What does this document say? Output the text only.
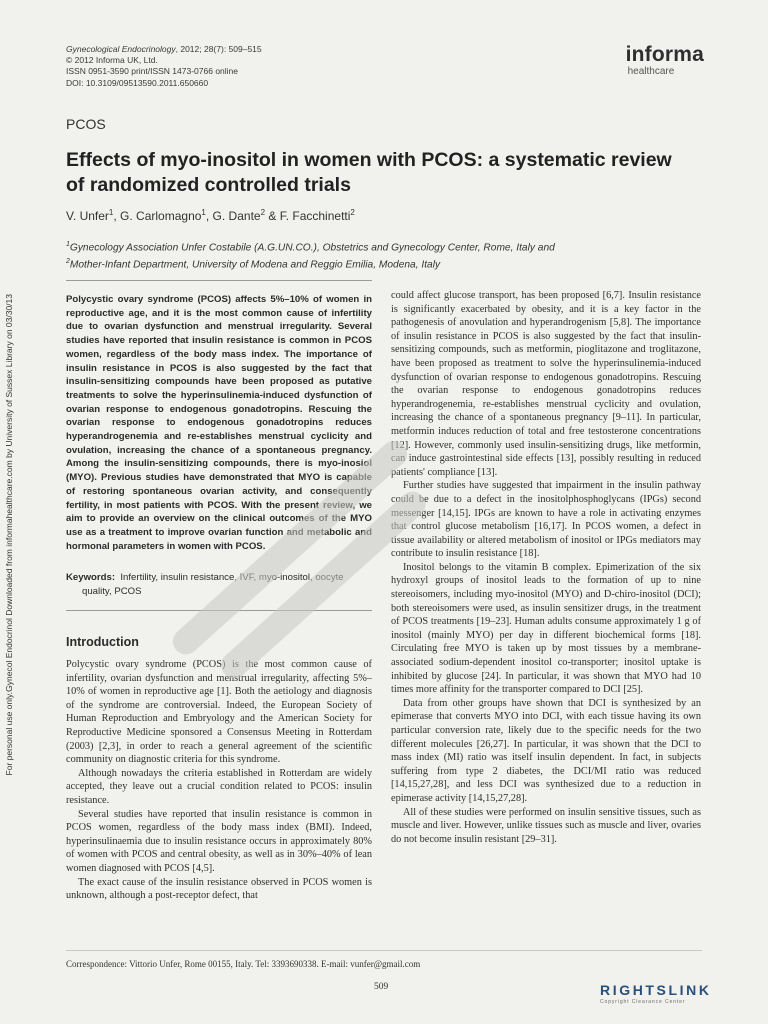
Gynecol Endocrinol Downloaded from informahealthcare.com by University of Sussex Library on 03/30/13
For personal use only.
Gynecological Endocrinology, 2012; 28(7): 509–515
© 2012 Informa UK, Ltd.
ISSN 0951-3590 print/ISSN 1473-0766 online
DOI: 10.3109/09513590.2011.650660
informa
healthcare
PCOS
Effects of myo-inositol in women with PCOS: a systematic review of randomized controlled trials
V. Unfer$^1$, G. Carlomagno$^1$, G. Dante$^2$ & F. Facchinetti$^2$
$^1$Gynecology Association Unfer Costabile (A.G.UN.CO.), Obstetrics and Gynecology Center, Rome, Italy and
$^2$Mother-Infant Department, University of Modena and Reggio Emilia, Modena, Italy

Polycystic ovary syndrome (PCOS) affects 5%–10% of women in reproductive age, and it is the most common cause of infertility due to ovarian dysfunction and menstrual irregularity. Several studies have reported that insulin resistance is common in PCOS women, regardless of the body mass index. The importance of insulin resistance in PCOS is also suggested by the fact that insulin-sensitizing compounds have been proposed as putative treatments to solve the hyperinsulinemia-induced dysfunction of ovarian response to endogenous gonadotropins. Rescuing the ovarian response to endogenous gonadotropins reduces hyperandrogenemia and re-establishes menstrual cyclicity and ovulation, increasing the chance of a spontaneous pregnancy. Among the insulin-sensitizing compounds, there is myo-inosiol (MYO). Previous studies have demonstrated that MYO is capable of restoring spontaneous ovarian activity, and consequently fertility, in most patients with PCOS. With the present review, we aim to provide an overview on the clinical outcomes of the MYO use as a treatment to improve ovarian function and metabolic and hormonal parameters in women with PCOS.

Keywords: Infertility, insulin resistance, IVF, myo-inositol, oocyte
quality, PCOS
Introduction

Polycystic ovary syndrome (PCOS) is the most common cause of infertility, ovarian dysfunction and menstrual irregularity, affecting 5%–10% of women in reproductive age [1]. Both the aetiology and diagnosis of the syndrome are controversial. Indeed, the European Society of Human Reproduction and Embryology and the American Society for Reproductive Medicine sponsored a Consensus Meeting in Rotterdam (2003) [2,3], in order to reach a general agreement of the scientific community on diagnostic criteria for this syndrome.

Although nowadays the criteria established in Rotterdam are widely accepted, they leave out a crucial condition related to PCOS: insulin resistance.

Several studies have reported that insulin resistance is common in PCOS women, regardless of the body mass index (BMI). Indeed, hyperinsulinaemia due to insulin resistance occurs in approximately 80% of women with PCOS and central obesity, as well as in 30%–40% of lean women diagnosed with PCOS [4,5].

The exact cause of the insulin resistance observed in PCOS women is unknown, although a post-receptor defect, that

could affect glucose transport, has been proposed [6,7]. Insulin resistance is significantly exacerbated by obesity, and it is a key factor in the pathogenesis of anovulation and hyperandrogenism [5,8]. The importance of insulin resistance in PCOS is also suggested by the fact that insulin-sensitizing compounds, such as metformin, pioglitazone and troglitazone, have been proposed as treatment to solve the hyperinsulinemia-induced dysfunction of ovarian response to endogenous gonadotropins. Rescuing the ovarian response to endogenous gonadotropins reduces hyperandrogenemia, re-establishes menstrual cyclicity and ovulation, increasing the chance of a spontaneous pregnancy [9–11]. In particular, metformin induces reduction of total and free testosterone concentrations [12]. However, commonly used insulin-sensitizing drugs, like metformin, can induce gastrointestinal side effects [13], possibly resulting in reduced patients' compliance [13].

Further studies have suggested that impairment in the insulin pathway could be due to a defect in the inositolphosphoglycans (IPGs) second messenger [14,15]. IPGs are known to have a role in activating enzymes that control glucose metabolism [16,17]. In PCOS women, a defect in tissue availability or altered metabolism of inositol or IPGs mediators may contribute to insulin resistance [18].

Inositol belongs to the vitamin B complex. Epimerization of the six hydroxyl groups of inositol leads to the formation of up to nine stereoisomers, including myo-inositol (MYO) and D-chiro-inositol (DCI); both stereoisomers were used, as insulin sensitizer drugs, in the treatment of PCOS treatments [19–23]. Human adults consume approximately 1 g of inositol (mainly MYO) per day in different biochemical forms [18]. Circulating free MYO is taken up by most tissues by a membrane-associated sodium-dependent inositol co-transporter; inositol uptake is inhibited by glucose [24]. In particular, it was shown that MYO had 10 times more affinity for the transporter compared to DCI [25].

Data from other groups have shown that DCI is synthesized by an epimerase that converts MYO into DCI, with each tissue having its own particular conversion rate, likely due to the specific needs for the two different molecules [26,27]. In particular, it was shown that the DCI to mass index (MI) ratio was itself insulin dependent. In fact, in subjects suffering from type 2 diabetes, the DCI/MI ratio was reduced [14,15,27,28], and less DCI was synthesized due to a reduction in epimerase activity [14,15,27,28].

All of these studies were performed on insulin sensitive tissues, such as muscle and liver. However, unlike tissues such as muscle and liver, ovaries do not become insulin resistant [29–31].

Correspondence: Vittorio Unfer, Rome 00155, Italy. Tel: 3393690338. E-mail: vunfer@gmail.com
509	RIGHTSLINK
Copyright Clearance Center
